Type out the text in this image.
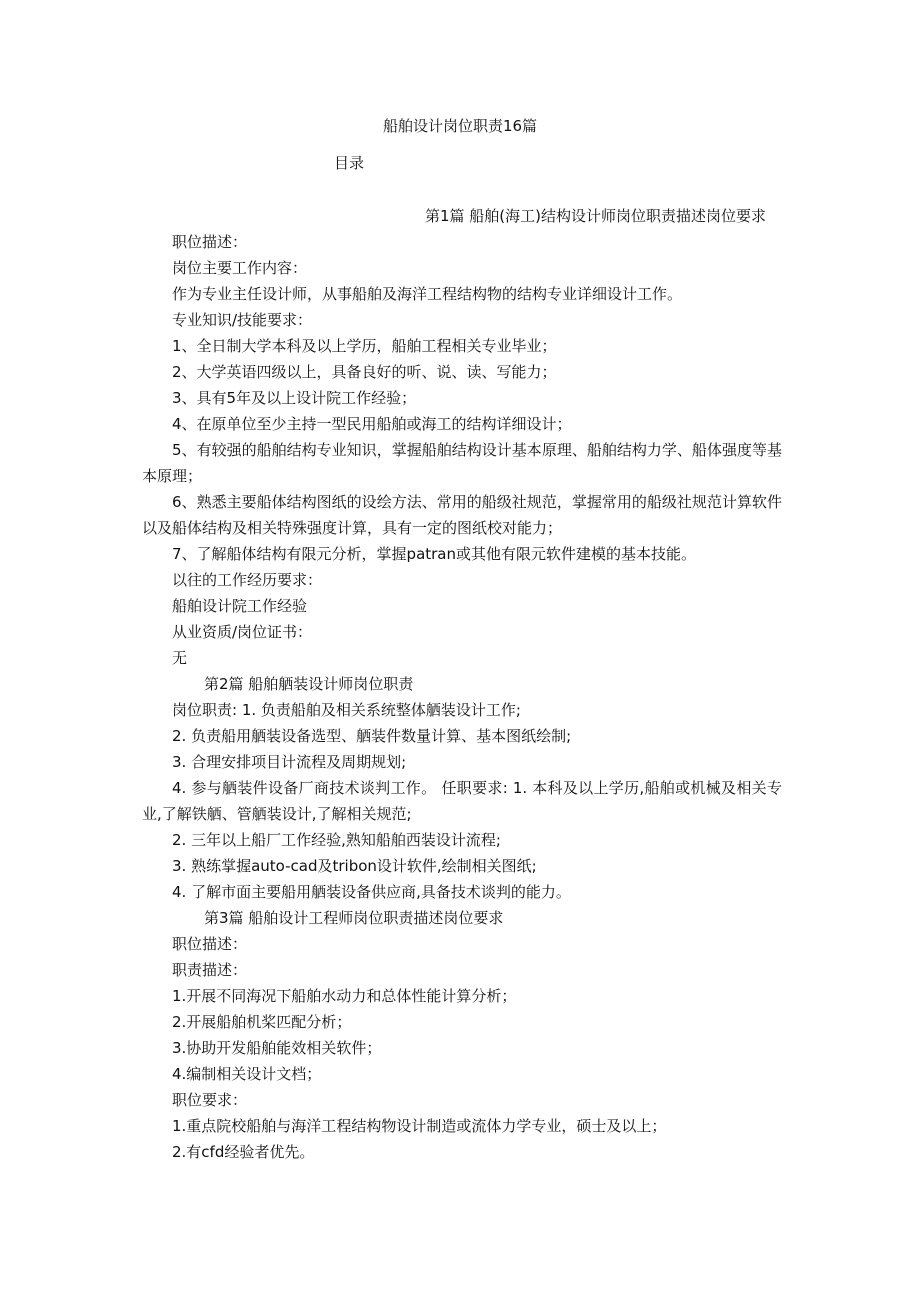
船舶设计岗位职责16篇
目录

第1篇 船舶(海工)结构设计师岗位职责描述岗位要求

职位描述：

岗位主要工作内容：

作为专业主任设计师，从事船舶及海洋工程结构物的结构专业详细设计工作。

专业知识/技能要求：

1、全日制大学本科及以上学历，船舶工程相关专业毕业；

2、大学英语四级以上，具备良好的听、说、读、写能力；

3、具有5年及以上设计院工作经验；

4、在原单位至少主持一型民用船舶或海工的结构详细设计；

5、有较强的船舶结构专业知识，掌握船舶结构设计基本原理、船舶结构力学、船体强度等基本原理；

6、熟悉主要船体结构图纸的设绘方法、常用的船级社规范，掌握常用的船级社规范计算软件以及船体结构及相关特殊强度计算，具有一定的图纸校对能力；

7、了解船体结构有限元分析，掌握patran或其他有限元软件建模的基本技能。

以往的工作经历要求：

船舶设计院工作经验

从业资质/岗位证书：

无

第2篇 船舶舾装设计师岗位职责

岗位职责: 1. 负责船舶及相关系统整体舾装设计工作;

2. 负责船用舾装设备选型、舾装件数量计算、基本图纸绘制;

3. 合理安排项目计流程及周期规划;

4. 参与舾装件设备厂商技术谈判工作。 任职要求: 1. 本科及以上学历,船舶或机械及相关专业,了解铁舾、管舾装设计,了解相关规范;

2. 三年以上船厂工作经验,熟知船舶西装设计流程;

3. 熟练掌握auto-cad及tribon设计软件,绘制相关图纸;

4. 了解市面主要船用舾装设备供应商,具备技术谈判的能力。

第3篇 船舶设计工程师岗位职责描述岗位要求

职位描述：

职责描述：

1.开展不同海况下船舶水动力和总体性能计算分析；

2.开展船舶机桨匹配分析；

3.协助开发船舶能效相关软件；

4.编制相关设计文档；

职位要求：

1.重点院校船舶与海洋工程结构物设计制造或流体力学专业，硕士及以上；

2.有cfd经验者优先。
